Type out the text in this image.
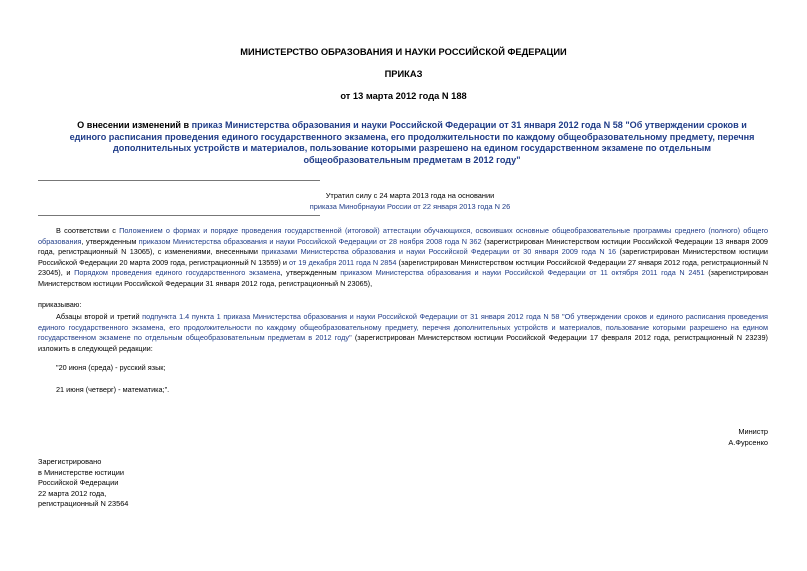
МИНИСТЕРСТВО ОБРАЗОВАНИЯ И НАУКИ РОССИЙСКОЙ ФЕДЕРАЦИИ
ПРИКАЗ
от 13 марта 2012 года N 188
О внесении изменений в приказ Министерства образования и науки Российской Федерации от 31 января 2012 года N 58 "Об утверждении сроков и единого расписания проведения единого государственного экзамена, его продолжительности по каждому общеобразовательному предмету, перечня дополнительных устройств и материалов, пользование которыми разрешено на едином государственном экзамене по отдельным общеобразовательным предметам в 2012 году"
Утратил силу с 24 марта 2013 года на основании
приказа Минобрнауки России от 22 января 2013 года N 26

В соответствии с Положением о формах и порядке проведения государственной (итоговой) аттестации обучающихся, освоивших основные общеобразовательные программы среднего (полного) общего образования, утвержденным приказом Министерства образования и науки Российской Федерации от 28 ноября 2008 года N 362 (зарегистрирован Министерством юстиции Российской Федерации 13 января 2009 года, регистрационный N 13065), с изменениями, внесенными приказами Министерства образования и науки Российской Федерации от 30 января 2009 года N 16 (зарегистрирован Министерством юстиции Российской Федерации 20 марта 2009 года, регистрационный N 13559) и от 19 декабря 2011 года N 2854 (зарегистрирован Министерством юстиции Российской Федерации 27 января 2012 года, регистрационный N 23045), и Порядком проведения единого государственного экзамена, утвержденным приказом Министерства образования и науки Российской Федерации от 11 октября 2011 года N 2451 (зарегистрирован Министерством юстиции Российской Федерации 31 января 2012 года, регистрационный N 23065),

приказываю:

Абзацы второй и третий подпункта 1.4 пункта 1 приказа Министерства образования и науки Российской Федерации от 31 января 2012 года N 58 "Об утверждении сроков и единого расписания проведения единого государственного экзамена, его продолжительности по каждому общеобразовательному предмету, перечня дополнительных устройств и материалов, пользование которыми разрешено на едином государственном экзамене по отдельным общеобразовательным предметам в 2012 году" (зарегистрирован Министерством юстиции Российской Федерации 17 февраля 2012 года, регистрационный N 23239) изложить в следующей редакции:

"20 июня (среда) - русский язык;
21 июня (четверг) - математика;".
Министр
А.Фурсенко
Зарегистрировано
в Министерстве юстиции
Российской Федерации
22 марта 2012 года,
регистрационный N 23564
